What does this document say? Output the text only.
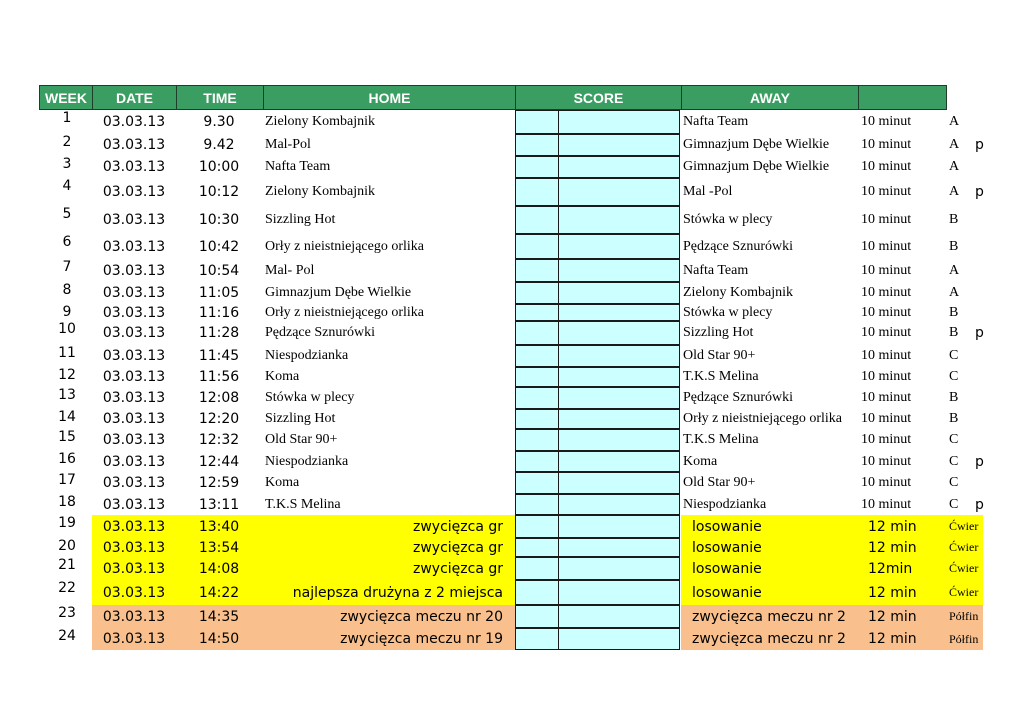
WEEK	DATE	TIME	HOME	SCORE	AWAY
1	03.03.13	9.30	Zielony Kombajnik	Nafta Team	10 minut	A
2	03.03.13	9.42	Mal-Pol	Gimnazjum Dębe Wielkie	10 minut	A	p
3	03.03.13	10:00	Nafta Team	Gimnazjum Dębe Wielkie	10 minut	A
4	03.03.13	10:12	Zielony Kombajnik	Mal -Pol	10 minut	A	p
5	03.03.13	10:30	Sizzling Hot	Stówka w plecy	10 minut	B
6	03.03.13	10:42	Orły z nieistniejącego orlika	Pędzące Sznurówki	10 minut	B
7	03.03.13	10:54	Mal- Pol	Nafta Team	10 minut	A
8	03.03.13	11:05	Gimnazjum Dębe Wielkie	Zielony Kombajnik	10 minut	A
9	03.03.13	11:16	Orły z nieistniejącego orlika	Stówka w plecy	10 minut	B
10	03.03.13	11:28	Pędzące Sznurówki	Sizzling Hot	10 minut	B	p
11	03.03.13	11:45	Niespodzianka	Old Star 90+	10 minut	C
12	03.03.13	11:56	Koma	T.K.S Melina	10 minut	C
13	03.03.13	12:08	Stówka w plecy	Pędzące Sznurówki	10 minut	B
14	03.03.13	12:20	Sizzling Hot	Orły z nieistniejącego orlika	10 minut	B
15	03.03.13	12:32	Old Star 90+	T.K.S Melina	10 minut	C
16	03.03.13	12:44	Niespodzianka	Koma	10 minut	C	p
17	03.03.13	12:59	Koma	Old Star 90+	10 minut	C
18	03.03.13	13:11	T.K.S Melina	Niespodzianka	10 minut	C	p
19	03.03.13	13:40	zwycięzca gr	losowanie	12 min	Ćwier
20	03.03.13	13:54	zwycięzca gr	losowanie	12 min	Ćwier
21	03.03.13	14:08	zwycięzca gr	losowanie	12min	Ćwier
22	03.03.13	14:22	najlepsza drużyna z 2 miejsca	losowanie	12 min	Ćwier
23	03.03.13	14:35	zwycięzca meczu nr 20	zwycięzca meczu nr 2	12 min	Półfin
24	03.03.13	14:50	zwycięzca meczu nr 19	zwycięzca meczu nr 2	12 min	Półfin
